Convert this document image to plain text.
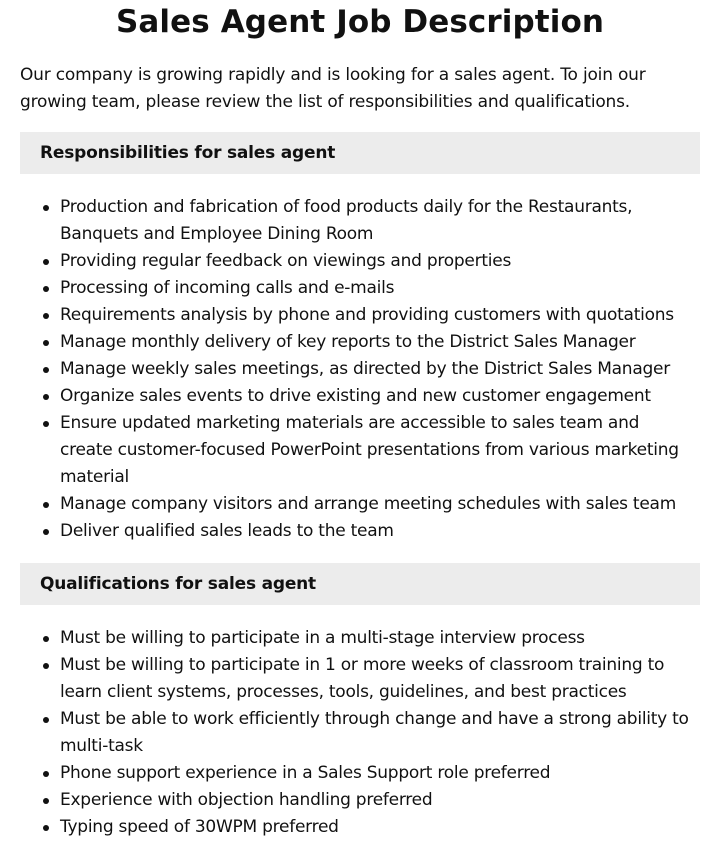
Sales Agent Job Description

Our company is growing rapidly and is looking for a sales agent. To join our growing team, please review the list of responsibilities and qualifications.

Responsibilities for sales agent
Production and fabrication of food products daily for the Restaurants, Banquets and Employee Dining Room
Providing regular feedback on viewings and properties
Processing of incoming calls and e-mails
Requirements analysis by phone and providing customers with quotations
Manage monthly delivery of key reports to the District Sales Manager
Manage weekly sales meetings, as directed by the District Sales Manager
Organize sales events to drive existing and new customer engagement
Ensure updated marketing materials are accessible to sales team and create customer-focused PowerPoint presentations from various marketing material
Manage company visitors and arrange meeting schedules with sales team
Deliver qualified sales leads to the team
Qualifications for sales agent
Must be willing to participate in a multi-stage interview process
Must be willing to participate in 1 or more weeks of classroom training to learn client systems, processes, tools, guidelines, and best practices
Must be able to work efficiently through change and have a strong ability to multi-task
Phone support experience in a Sales Support role preferred
Experience with objection handling preferred
Typing speed of 30WPM preferred
